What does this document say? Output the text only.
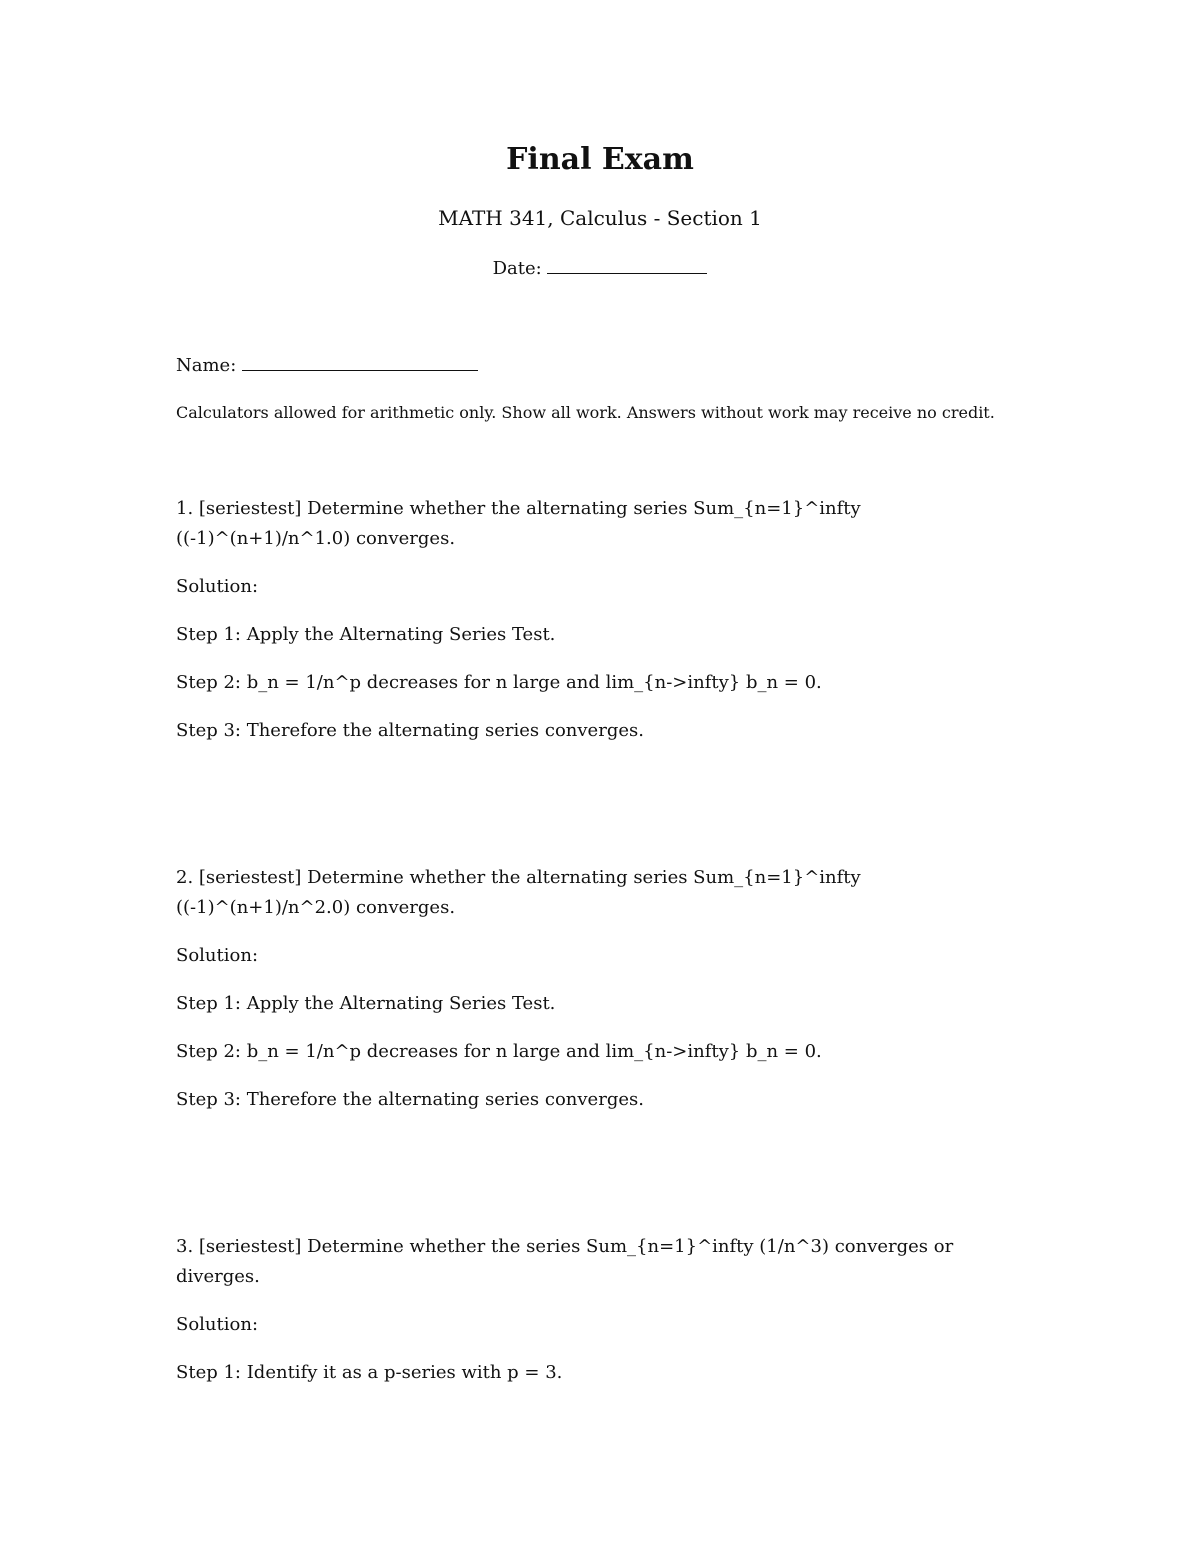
Final Exam
MATH 341, Calculus - Section 1
Date:
Name:
Calculators allowed for arithmetic only. Show all work. Answers without work may receive no credit.
1. [seriestest] Determine whether the alternating series Sum_{n=1}^infty ((-1)^(n+1)/n^1.0) converges.
Solution:
Step 1: Apply the Alternating Series Test.
Step 2: b_n = 1/n^p decreases for n large and lim_{n->infty} b_n = 0.
Step 3: Therefore the alternating series converges.
2. [seriestest] Determine whether the alternating series Sum_{n=1}^infty ((-1)^(n+1)/n^2.0) converges.
Solution:
Step 1: Apply the Alternating Series Test.
Step 2: b_n = 1/n^p decreases for n large and lim_{n->infty} b_n = 0.
Step 3: Therefore the alternating series converges.
3. [seriestest] Determine whether the series Sum_{n=1}^infty (1/n^3) converges or diverges.
Solution:
Step 1: Identify it as a p-series with p = 3.
